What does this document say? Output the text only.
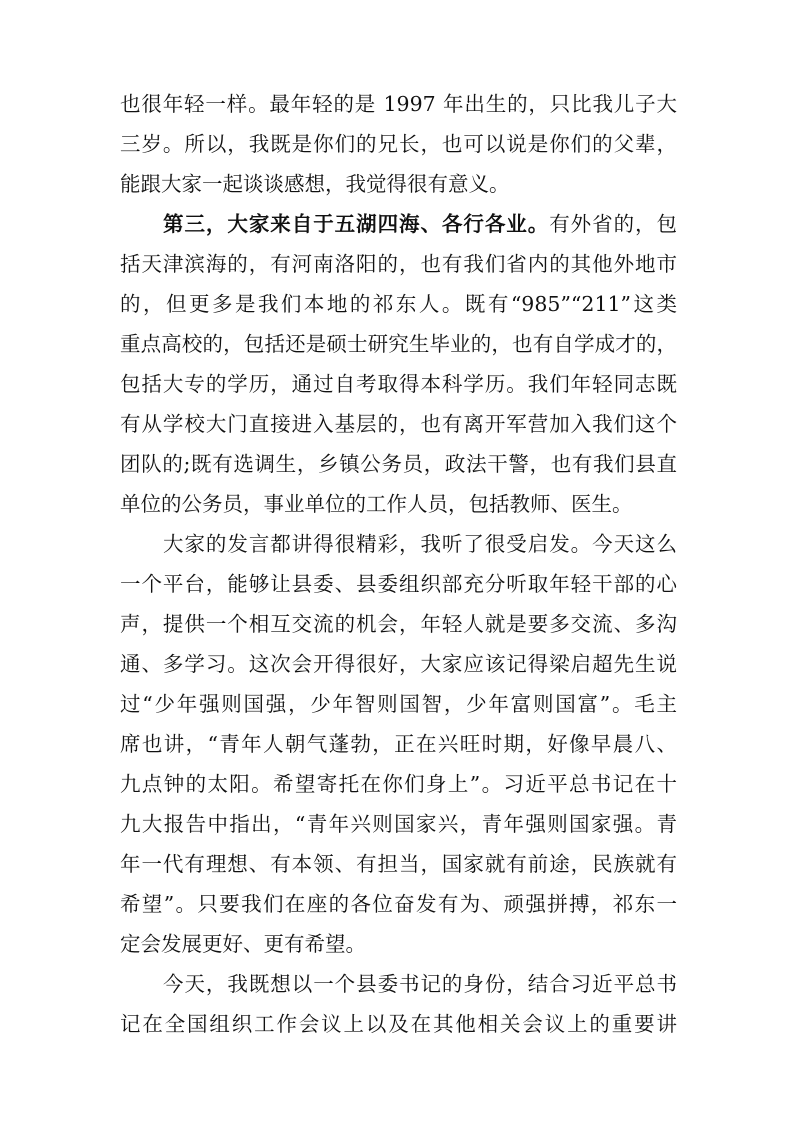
也很年轻一样。最年轻的是 1997 年出生的，只比我儿子大
三岁。所以，我既是你们的兄长，也可以说是你们的父辈，
能跟大家一起谈谈感想，我觉得很有意义。
第三，大家来自于五湖四海、各行各业。有外省的，包
括天津滨海的，有河南洛阳的，也有我们省内的其他外地市
的，但更多是我们本地的祁东人。既有“985”“211”这类
重点高校的，包括还是硕士研究生毕业的，也有自学成才的，
包括大专的学历，通过自考取得本科学历。我们年轻同志既
有从学校大门直接进入基层的，也有离开军营加入我们这个
团队的;既有选调生，乡镇公务员，政法干警，也有我们县直
单位的公务员，事业单位的工作人员，包括教师、医生。
大家的发言都讲得很精彩，我听了很受启发。今天这么
一个平台，能够让县委、县委组织部充分听取年轻干部的心
声，提供一个相互交流的机会，年轻人就是要多交流、多沟
通、多学习。这次会开得很好，大家应该记得梁启超先生说
过“少年强则国强，少年智则国智，少年富则国富”。毛主
席也讲，“青年人朝气蓬勃，正在兴旺时期，好像早晨八、
九点钟的太阳。希望寄托在你们身上”。习近平总书记在十
九大报告中指出，“青年兴则国家兴，青年强则国家强。青
年一代有理想、有本领、有担当，国家就有前途，民族就有
希望”。只要我们在座的各位奋发有为、顽强拼搏，祁东一
定会发展更好、更有希望。
今天，我既想以一个县委书记的身份，结合习近平总书
记在全国组织工作会议上以及在其他相关会议上的重要讲
